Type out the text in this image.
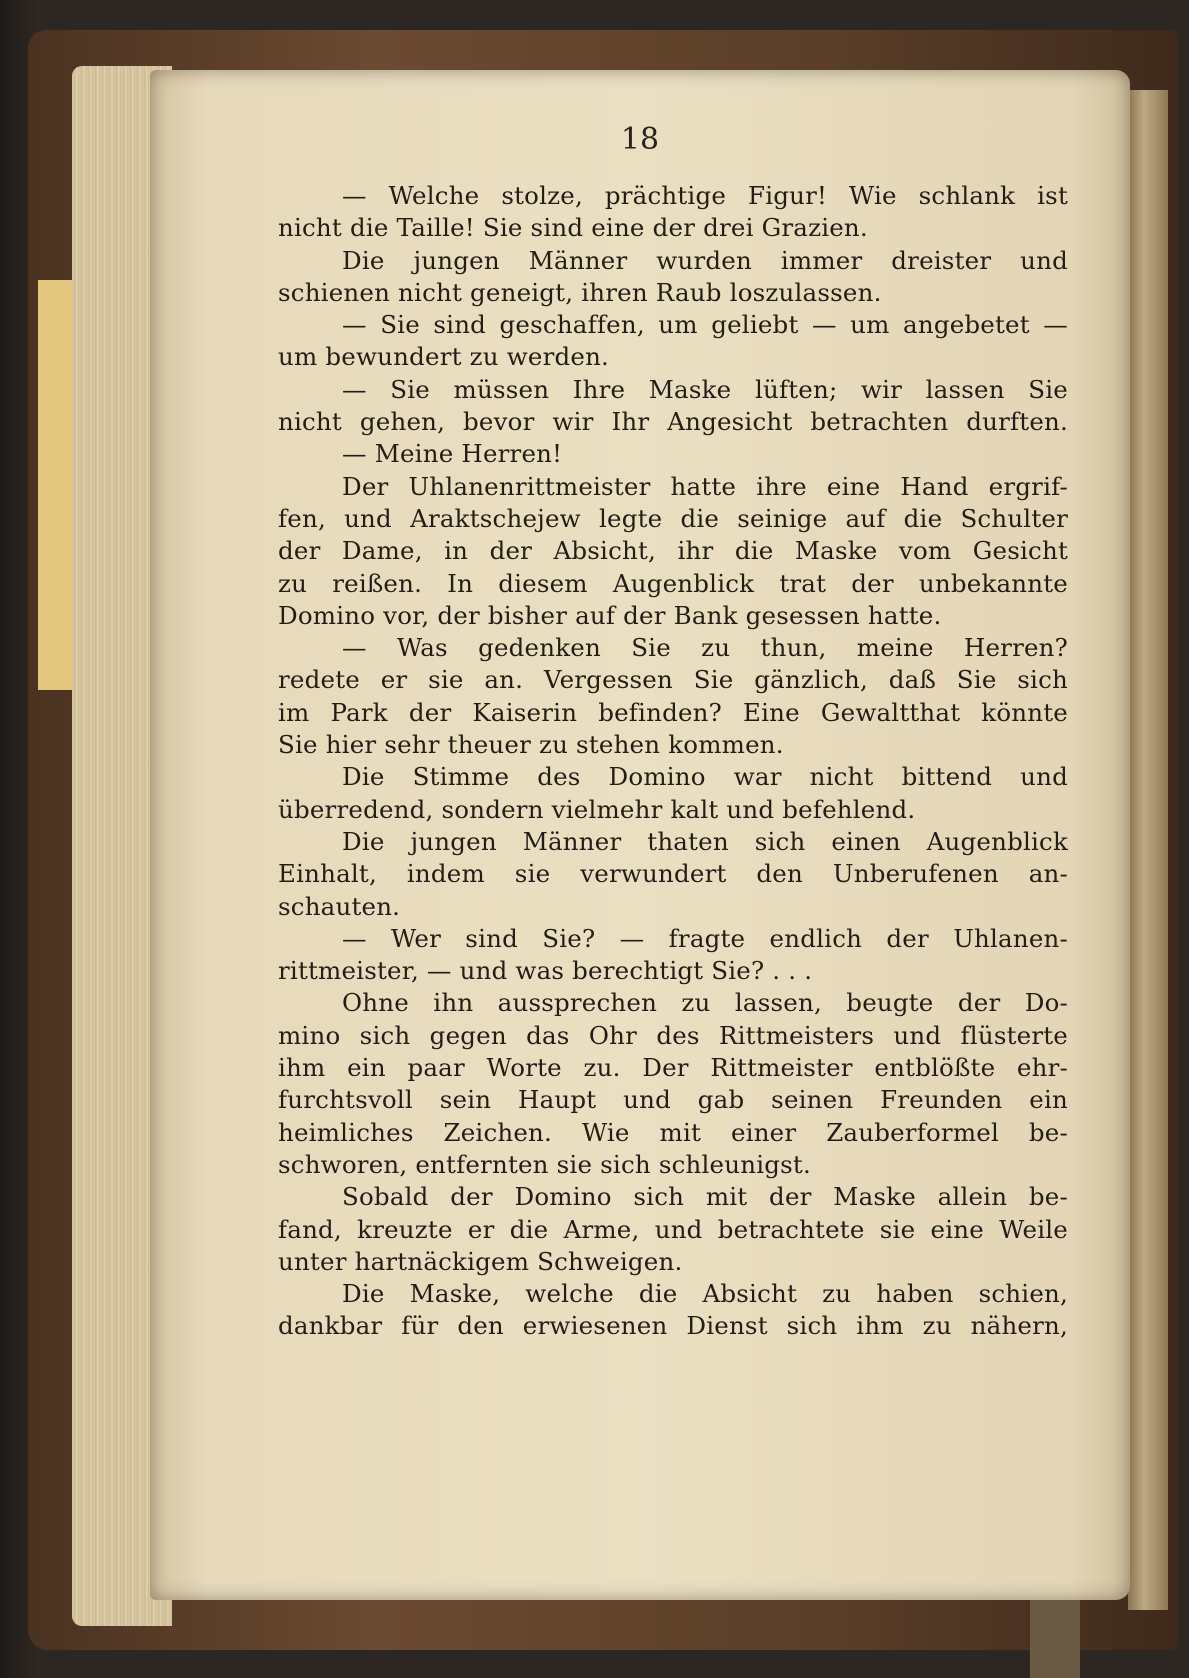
18
— Welche stolze, prächtige Figur! Wie schlank ist
nicht die Taille! Sie sind eine der drei Grazien.
Die jungen Männer wurden immer dreister und
schienen nicht geneigt, ihren Raub loszulassen.
— Sie sind geschaffen, um geliebt — um angebetet —
um bewundert zu werden.
— Sie müssen Ihre Maske lüften; wir lassen Sie
nicht gehen, bevor wir Ihr Angesicht betrachten durften.
— Meine Herren!
Der Uhlanenrittmeister hatte ihre eine Hand ergrif-
fen, und Araktschejew legte die seinige auf die Schulter
der Dame, in der Absicht, ihr die Maske vom Gesicht
zu reißen. In diesem Augenblick trat der unbekannte
Domino vor, der bisher auf der Bank gesessen hatte.
— Was gedenken Sie zu thun, meine Herren?
redete er sie an. Vergessen Sie gänzlich, daß Sie sich
im Park der Kaiserin befinden? Eine Gewaltthat könnte
Sie hier sehr theuer zu stehen kommen.
Die Stimme des Domino war nicht bittend und
überredend, sondern vielmehr kalt und befehlend.
Die jungen Männer thaten sich einen Augenblick
Einhalt, indem sie verwundert den Unberufenen an-
schauten.
— Wer sind Sie? — fragte endlich der Uhlanen-
rittmeister, — und was berechtigt Sie? . . .
Ohne ihn aussprechen zu lassen, beugte der Do-
mino sich gegen das Ohr des Rittmeisters und flüsterte
ihm ein paar Worte zu. Der Rittmeister entblößte ehr-
furchtsvoll sein Haupt und gab seinen Freunden ein
heimliches Zeichen. Wie mit einer Zauberformel be-
schworen, entfernten sie sich schleunigst.
Sobald der Domino sich mit der Maske allein be-
fand, kreuzte er die Arme, und betrachtete sie eine Weile
unter hartnäckigem Schweigen.
Die Maske, welche die Absicht zu haben schien,
dankbar für den erwiesenen Dienst sich ihm zu nähern,
